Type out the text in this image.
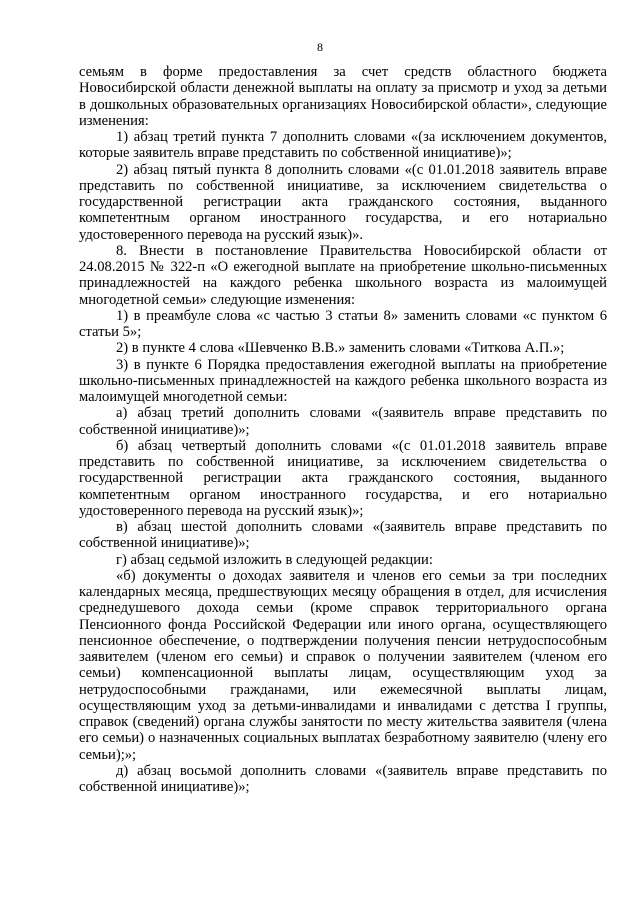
8

семьям в форме предоставления за счет средств областного бюджета Новосибирской области денежной выплаты на оплату за присмотр и уход за детьми в дошкольных образовательных организациях Новосибирской области», следующие изменения:

1) абзац третий пункта 7 дополнить словами «(за исключением документов, которые заявитель вправе представить по собственной инициативе)»;

2) абзац пятый пункта 8 дополнить словами «(с 01.01.2018 заявитель вправе представить по собственной инициативе, за исключением свидетельства о государственной регистрации акта гражданского состояния, выданного компетентным органом иностранного государства, и его нотариально удостоверенного перевода на русский язык)».

8. Внести в постановление Правительства Новосибирской области от 24.08.2015 № 322-п «О ежегодной выплате на приобретение школьно-письменных принадлежностей на каждого ребенка школьного возраста из малоимущей многодетной семьи» следующие изменения:

1) в преамбуле слова «с частью 3 статьи 8» заменить словами «с пунктом 6 статьи 5»;

2) в пункте 4 слова «Шевченко В.В.» заменить словами «Титкова А.П.»;

3) в пункте 6 Порядка предоставления ежегодной выплаты на приобретение школьно-письменных принадлежностей на каждого ребенка школьного возраста из малоимущей многодетной семьи:

а) абзац третий дополнить словами «(заявитель вправе представить по собственной инициативе)»;

б) абзац четвертый дополнить словами «(с 01.01.2018 заявитель вправе представить по собственной инициативе, за исключением свидетельства о государственной регистрации акта гражданского состояния, выданного компетентным органом иностранного государства, и его нотариально удостоверенного перевода на русский язык)»;

в) абзац шестой дополнить словами «(заявитель вправе представить по собственной инициативе)»;

г) абзац седьмой изложить в следующей редакции:

«б) документы о доходах заявителя и членов его семьи за три последних календарных месяца, предшествующих месяцу обращения в отдел, для исчисления среднедушевого дохода семьи (кроме справок территориального органа Пенсионного фонда Российской Федерации или иного органа, осуществляющего пенсионное обеспечение, о подтверждении получения пенсии нетрудоспособным заявителем (членом его семьи) и справок о получении заявителем (членом его семьи) компенсационной выплаты лицам, осуществляющим уход за нетрудоспособными гражданами, или ежемесячной выплаты лицам, осуществляющим уход за детьми-инвалидами и инвалидами с детства I группы, справок (сведений) органа службы занятости по месту жительства заявителя (члена его семьи) о назначенных социальных выплатах безработному заявителю (члену его семьи);»;

д) абзац восьмой дополнить словами «(заявитель вправе представить по собственной инициативе)»;
